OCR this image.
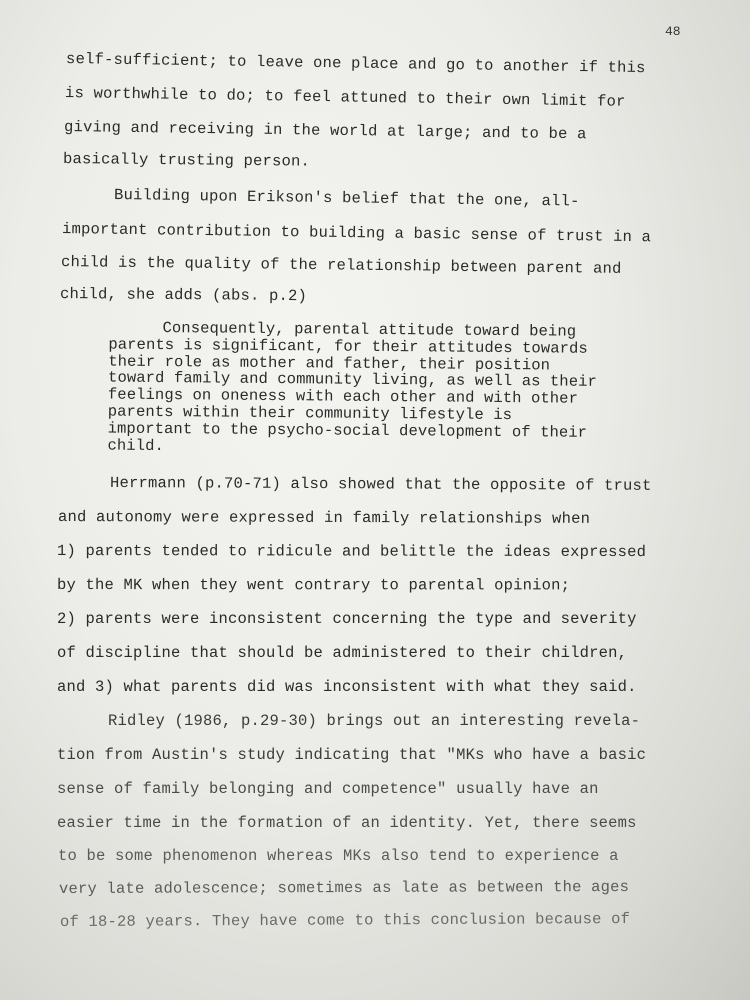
48
self-sufficient; to leave one place and go to another if this
is worthwhile to do; to feel attuned to their own limit for
giving and receiving in the world at large; and to be a
basically trusting person.
Building upon Erikson's belief that the one, all-
important contribution to building a basic sense of trust in a
child is the quality of the relationship between parent and
child, she adds (abs. p.2)
Consequently, parental attitude toward being
parents is significant, for their attitudes towards
their role as mother and father, their position
toward family and community living, as well as their
feelings on oneness with each other and with other
parents within their community lifestyle is
important to the psycho-social development of their
child.
Herrmann (p.70-71) also showed that the opposite of trust
and autonomy were expressed in family relationships when
1) parents tended to ridicule and belittle the ideas expressed
by the MK when they went contrary to parental opinion;
2) parents were inconsistent concerning the type and severity
of discipline that should be administered to their children,
and 3) what parents did was inconsistent with what they said.
Ridley (1986, p.29-30) brings out an interesting revela-
tion from Austin's study indicating that "MKs who have a basic
sense of family belonging and competence" usually have an
easier time in the formation of an identity. Yet, there seems
to be some phenomenon whereas MKs also tend to experience a
very late adolescence; sometimes as late as between the ages
of 18-28 years. They have come to this conclusion because of
